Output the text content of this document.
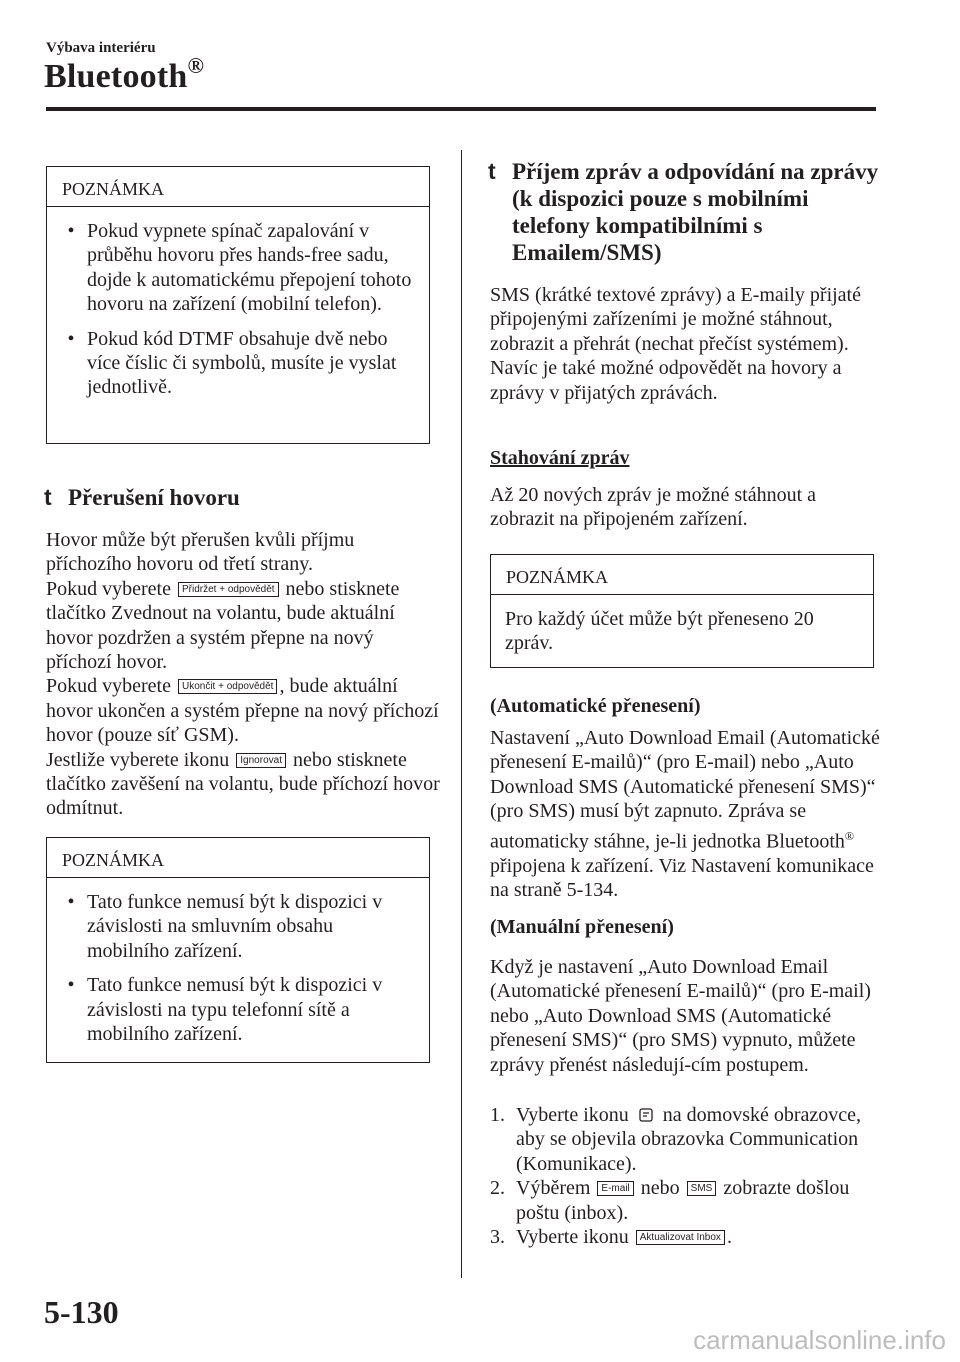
Výbava interiéru
Bluetooth®
POZNÁMKA
• Pokud vypnete spínač zapalování v průběhu hovoru přes hands-free sadu, dojde k automatickému přepojení tohoto hovoru na zařízení (mobilní telefon).
• Pokud kód DTMF obsahuje dvě nebo více číslic či symbolů, musíte je vyslat jednotlivě.
t Přerušení hovoru
Hovor může být přerušen kvůli příjmu příchozího hovoru od třetí strany.
Pokud vyberete Přidržet + odpovědět nebo stisknete tlačítko Zvednout na volantu, bude aktuální hovor pozdržen a systém přepne na nový příchozí hovor.
Pokud vyberete Ukončit + odpovědět , bude aktuální hovor ukončen a systém přepne na nový příchozí hovor (pouze síť GSM).
Jestliže vyberete ikonu Ignorovat nebo stisknete tlačítko zavěšení na volantu, bude příchozí hovor odmítnut.
POZNÁMKA
• Tato funkce nemusí být k dispozici v závislosti na smluvním obsahu mobilního zařízení.
• Tato funkce nemusí být k dispozici v závislosti na typu telefonní sítě a mobilního zařízení.
t Příjem zpráv a odpovídání na zprávy (k dispozici pouze s mobilními telefony kompatibilními s Emailem/SMS)
SMS (krátké textové zprávy) a E-maily přijaté připojenými zařízeními je možné stáhnout, zobrazit a přehrát (nechat přečíst systémem).
Navíc je také možné odpovědět na hovory a zprávy v přijatých zprávách.
Stahování zpráv
Až 20 nových zpráv je možné stáhnout a zobrazit na připojeném zařízení.
POZNÁMKA
Pro každý účet může být přeneseno 20 zpráv.
(Automatické přenesení)
Nastavení „Auto Download Email (Automatické přenesení E-mailů)“ (pro E-mail) nebo „Auto Download SMS (Automatické přenesení SMS)“ (pro SMS) musí být zapnuto. Zpráva se automaticky stáhne, je-li jednotka Bluetooth® připojena k zařízení. Viz Nastavení komunikace na straně 5-134.
(Manuální přenesení)
Když je nastavení „Auto Download Email (Automatické přenesení E-mailů)“ (pro E-mail) nebo „Auto Download SMS (Automatické přenesení SMS)“ (pro SMS) vypnuto, můžete zprávy přenést následují-cím postupem.
1. Vyberte ikonu na domovské obrazovce, aby se objevila obrazovka Communication (Komunikace).
2. Výběrem E-mail nebo SMS zobrazte došlou poštu (inbox).
3. Vyberte ikonu Aktualizovat Inbox .
5-130
carmanualsonline.info
